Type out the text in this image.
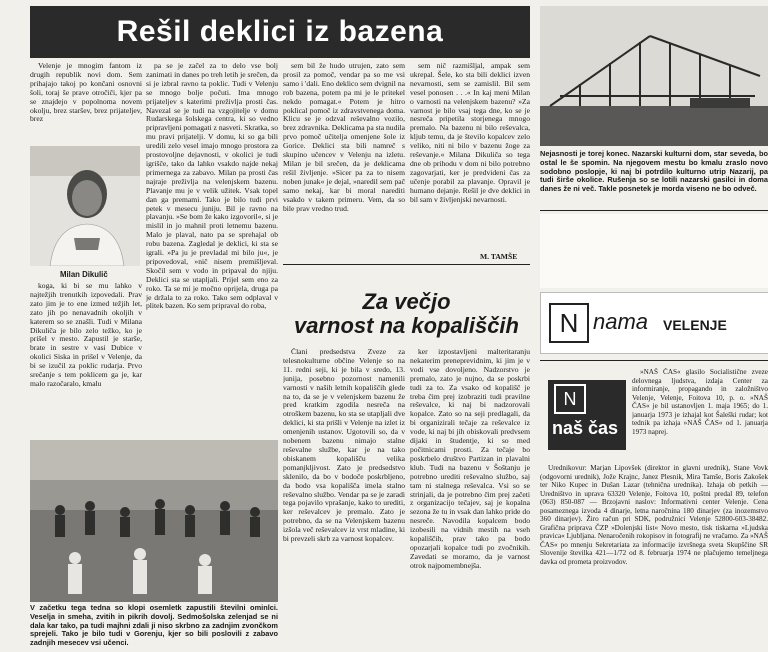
Rešil deklici iz bazena
Milan Dikulič

Velenje je mnogim fantom iz drugih republik novi dom. Sem prihajajo takoj po končani osnovni šoli, toraj še prave otročiči, kjer pa se znajdejo v popolnoma novem okolju, brez staršev, brez prijateljev, brez

koga, ki bi se mu lahko v najtežjih trenutkih izpovedali. Prav zato jim je to ene izmed težjih let, zato jih po nenavadnih okoljih v katerem so se znašli. Tudi v Milana Dikuliča je bilo zelo težko, ko je prišel v mesto. Zapustil je starše, brate in sestre v vasi Dubice v okolici Siska in prišel v Velenje, da bi se izučil za poklic rudarja. Prvo srečanje s tem poklicem ga je, kar malo razočaralo, kmalu

pa se je začel za to delo vse bolj zanimati in danes po treh letih je srečen, da si je izbral ravno ta poklic. Tudi v Velenju se mnogo bolje počuti. Ima mnogo prijateljev s katerimi preživlja prosti čas. Navezal se je tudi na vzgojitelje v domu Rudarskega šolskega centra, ki so vedno pripravljeni pomagati z nasveti. Skratka, so mu pravi prijatelji. V domu, ki so ga bili uredili zelo vesel imajo mnogo prostora za prostovoljne dejavnosti, v okolici je tudi igrišče, tako da lahko vsakdo najde nekaj primernega za zabavo. Milan pa prosti čas najraje preživlja na velenjskem bazenu. Plavanje mu je v velik užitek. Vsak topel dan ga premami. Tako je bilo tudi prvi petek v mesecu juniju. Bil je ravno na plavanju. »Se bom že kako izgovoril«, si je mislil in jo mahnil proti letnemu bazenu. Malo je plaval, nato pa se sprehajal ob robu bazena. Zagledal je deklici, ki sta se igrali. »Pa ju je prevladal mi bilo ju«, je pripovedoval, »nič nisem premišljeval. Skočil sem v vodo in pripaval do njiju. Deklici sta se utapljali. Prijel sem eno za roko. Ta se mi je močno oprijela, druga pa je držala to za roko. Tako sem odplaval v plitek bazen. Ko sem pripraval do roba,

sem bil že hudo utrujen, zato sem prosil za pomoč, vendar pa so me vsi samo i 'dali. Eno deklico sem dvignil na rob bazena, potem pa mi je le pritekel nekdo pomagat.« Potem je hitro poklical pomoč iz zdravstvenega doma. Klicu se je odzval reševalno vozilo, brez zdravnika. Deklicama pa sta nudila prvo pomoč učitelja omenjene šole iz Gorice. Deklici sta bili namreč s skupino učencev v Velenju na izletu. Milan je bil srečen, da je deklicama rešil življenje. »Sicer pa za to nisem noben junak« je dejal, »naredil sem pač samo nekaj, kar bi moral narediti vsakdo v takem primeru. Vem, da so bile prav vredno trud.

sem nič razmišljal, ampak sem ukrepal. Šele, ko sta bili deklici izven nevarnosti, sem se zamislil. Bil sem vesel ponosen . . .« In kaj meni Milan o varnosti na velenjskem bazenu? »Za varnost je bilo vsaj tega dne, ko se je nesreča pripetila storjenega mnogo premalo. Na bazenu ni bilo reševalca, kljub temu, da je število kopalcev zelo veliko, niti ni bilo v bazenu žoge za reševanje.« Milana Dikuliča so tega dne ob prihodu v dom ni bilo potrebno zagovarjati, ker je predvideni čas za učenje porabil za plavanje. Opravil je humano dejanje. Rešil je dve deklici in bil sam v življenjski nevarnosti.

M. TAMŠE
Za večjo
varnost na kopališčih

Člani predsedstva Zveze za telesnokulturne občine Velenje so na 11. redni seji, ki je bila v sredo, 13. junija, posebno pozornost namenili varnosti v naših letnih kopališčih glede na to, da se je v velenjskem bazenu že pred kratkim zgodila nesreča na otroškem bazenu, ko sta se utapljali dve deklici, ki sta prišli v Velenje na izlet iz omenjenih ustanov. Ugotovili so, da v nobenem bazenu nimajo stalne reševalne službe, kar je na tako obiskanem kopališču velika pomanjkljivost. Zato je predsedstvo sklenilo, da bo v bodoče poskrbljeno, da bodo vsa kopališča imela stalno reševalno službo. Vendar pa se je zaradi tega pojavilo vprašanje, kako to urediti, ker reševalcev je premalo. Zato je potrebno, da se na Velenjskem bazenu izšola več reševalcev iz vrst mladine, ki bi prevzeli skrb za varnost kopalcev.

ker izpostavljeni malteritaranju nekaterim preneprevidnim, ki jim je v vodi vse dovoljeno. Nadzorstvo je premalo, zato je nujno, da se poskrbi tudi za to. Za vsako od kopališč je treba čim prej izobraziti tudi pravilne reševalce, ki naj bi nadzorovali kopalce. Zato so na seji predlagali, da bi organizirali tečaje za reševalce iz vode, ki naj bi jih obiskovali predvsem dijaki in študentje, ki so med počitnicami prosti. Za tečaje bo poskrbelo društvo Partizan in plavalni klub. Tudi na bazenu v Šoštanju je potrebno urediti reševalno službo, saj tam ni stalnega reševalca. Vsi so se strinjali, da je potrebno čim prej začeti z organizacijo tečajev, saj je kopalna sezona že tu in vsak dan lahko pride do nesreče. Navodila kopalcem bodo izobesili na vidnih mestih na vseh kopališčih, prav tako pa bodo opozarjali kopalce tudi po zvočnikih. Zavedati se moramo, da je varnost otrok najpomembnejša.

V začetku tega tedna so klopi osemletk zapustili številni ominlci. Veselja in smeha, zvitih in pikrih dovolj. Sedmošolska zelenjad se ni dala kar tako, pa tudi majhni zdali ji niso skrbno za zadnjim zvončkom sprejeli. Tako je bilo tudi v Gorenju, kjer so bili poslovili z zabavo zadnjih mesecev vsi učenci.
Nejasnosti je torej konec. Nazarski kulturni dom, star seveda, bo ostal le še spomin. Na njegovem mestu bo kmalu zraslo novo sodobno poslopje, ki naj bi potrdilo kulturno utrip Nazarij, pa tudi širše okolice. Rušenja so se lotili nazarski gasilci in doma danes že ni več. Takle posnetek je morda viseno ne bo odveč.
N nama VELENJE
N
naš čas

»NAŠ ČAS« glasilo Socialistične zveze delovnega ljudstva, izdaja Center za informiranje, propagando in založništvo Velenje, Velenje, Foitova 10, p. o. »NAŠ ČAS« je bil ustanovljen 1. maja 1965; do 1. januarja 1973 je izhajal kot Šaleški rudar; kot tednik pa izhaja »NAŠ ČAS« od 1. januarja 1973 naprej.

Urednikovur: Marjan Lipovšek (direktor in glavni urednik), Stane Vovk (odgovorni urednik), Jože Krajnc, Janez Plesnik, Mira Tamše, Boris Zakošek ter Niko Kupec in Dušan Lazar (tehnična urednika). Izhaja ob petkih — Uredništvo in uprava 63320 Velenje, Foitova 10, poštni predal 89, telefon (063) 850-087 — Brzojavni naslov: Informativni center Velenje. Cena posameznega izvoda 4 dinarje, letna naročnina 180 dinarjev (za inozemstvo 360 dinarjev). Žiro račun pri SDK, podružnici Velenje 52800-603-38482. Grafična priprava ČZP »Dolenjski list« Novo mesto, tisk tiskarna »Ljudska pravica« Ljubljana. Nenaročenih rokopisov in fotografij ne vračamo. Za »NAŠ ČAS« po mnenju Sekretariata za informacije izvršnega sveta Skupščine SR Slovenije številka 421—1/72 od 8. februarja 1974 ne plačujemo temeljnega davka od prometa proizvodov.
